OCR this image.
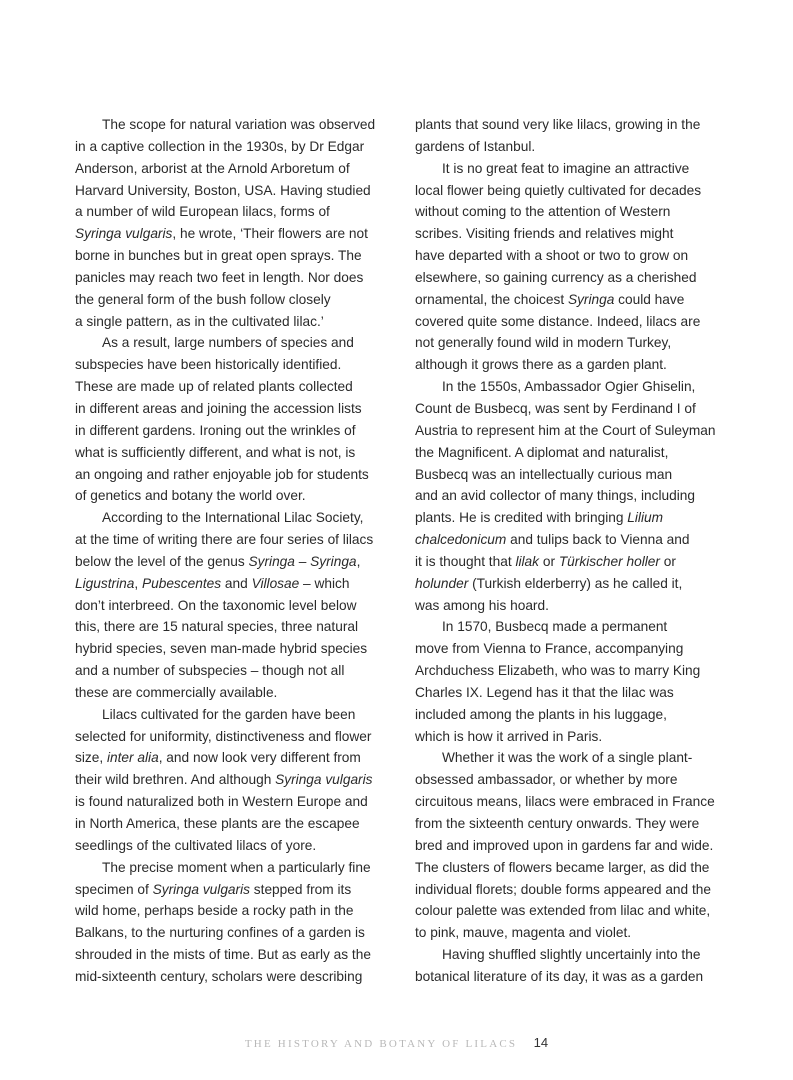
The scope for natural variation was observed
in a captive collection in the 1930s, by Dr Edgar
Anderson, arborist at the Arnold Arboretum of
Harvard University, Boston, USA. Having studied
a number of wild European lilacs, forms of
Syringa vulgaris, he wrote, ‘Their flowers are not
borne in bunches but in great open sprays. The
panicles may reach two feet in length. Nor does
the general form of the bush follow closely
a single pattern, as in the cultivated lilac.’
As a result, large numbers of species and
subspecies have been historically identified.
These are made up of related plants collected
in different areas and joining the accession lists
in different gardens. Ironing out the wrinkles of
what is sufficiently different, and what is not, is
an ongoing and rather enjoyable job for students
of genetics and botany the world over.
According to the International Lilac Society,
at the time of writing there are four series of lilacs
below the level of the genus Syringa – Syringa,
Ligustrina, Pubescentes and Villosae – which
don’t interbreed. On the taxonomic level below
this, there are 15 natural species, three natural
hybrid species, seven man-made hybrid species
and a number of subspecies – though not all
these are commercially available.
Lilacs cultivated for the garden have been
selected for uniformity, distinctiveness and flower
size, inter alia, and now look very different from
their wild brethren. And although Syringa vulgaris
is found naturalized both in Western Europe and
in North America, these plants are the escapee
seedlings of the cultivated lilacs of yore.
The precise moment when a particularly fine
specimen of Syringa vulgaris stepped from its
wild home, perhaps beside a rocky path in the
Balkans, to the nurturing confines of a garden is
shrouded in the mists of time. But as early as the
mid-sixteenth century, scholars were describing
plants that sound very like lilacs, growing in the
gardens of Istanbul.
It is no great feat to imagine an attractive
local flower being quietly cultivated for decades
without coming to the attention of Western
scribes. Visiting friends and relatives might
have departed with a shoot or two to grow on
elsewhere, so gaining currency as a cherished
ornamental, the choicest Syringa could have
covered quite some distance. Indeed, lilacs are
not generally found wild in modern Turkey,
although it grows there as a garden plant.
In the 1550s, Ambassador Ogier Ghiselin,
Count de Busbecq, was sent by Ferdinand I of
Austria to represent him at the Court of Suleyman
the Magnificent. A diplomat and naturalist,
Busbecq was an intellectually curious man
and an avid collector of many things, including
plants. He is credited with bringing Lilium
chalcedonicum and tulips back to Vienna and
it is thought that lilak or Türkischer holler or
holunder (Turkish elderberry) as he called it,
was among his hoard.
In 1570, Busbecq made a permanent
move from Vienna to France, accompanying
Archduchess Elizabeth, who was to marry King
Charles IX. Legend has it that the lilac was
included among the plants in his luggage,
which is how it arrived in Paris.
Whether it was the work of a single plant-
obsessed ambassador, or whether by more
circuitous means, lilacs were embraced in France
from the sixteenth century onwards. They were
bred and improved upon in gardens far and wide.
The clusters of flowers became larger, as did the
individual florets; double forms appeared and the
colour palette was extended from lilac and white,
to pink, mauve, magenta and violet.
Having shuffled slightly uncertainly into the
botanical literature of its day, it was as a garden
THE HISTORY AND BOTANY OF LILACS 14
